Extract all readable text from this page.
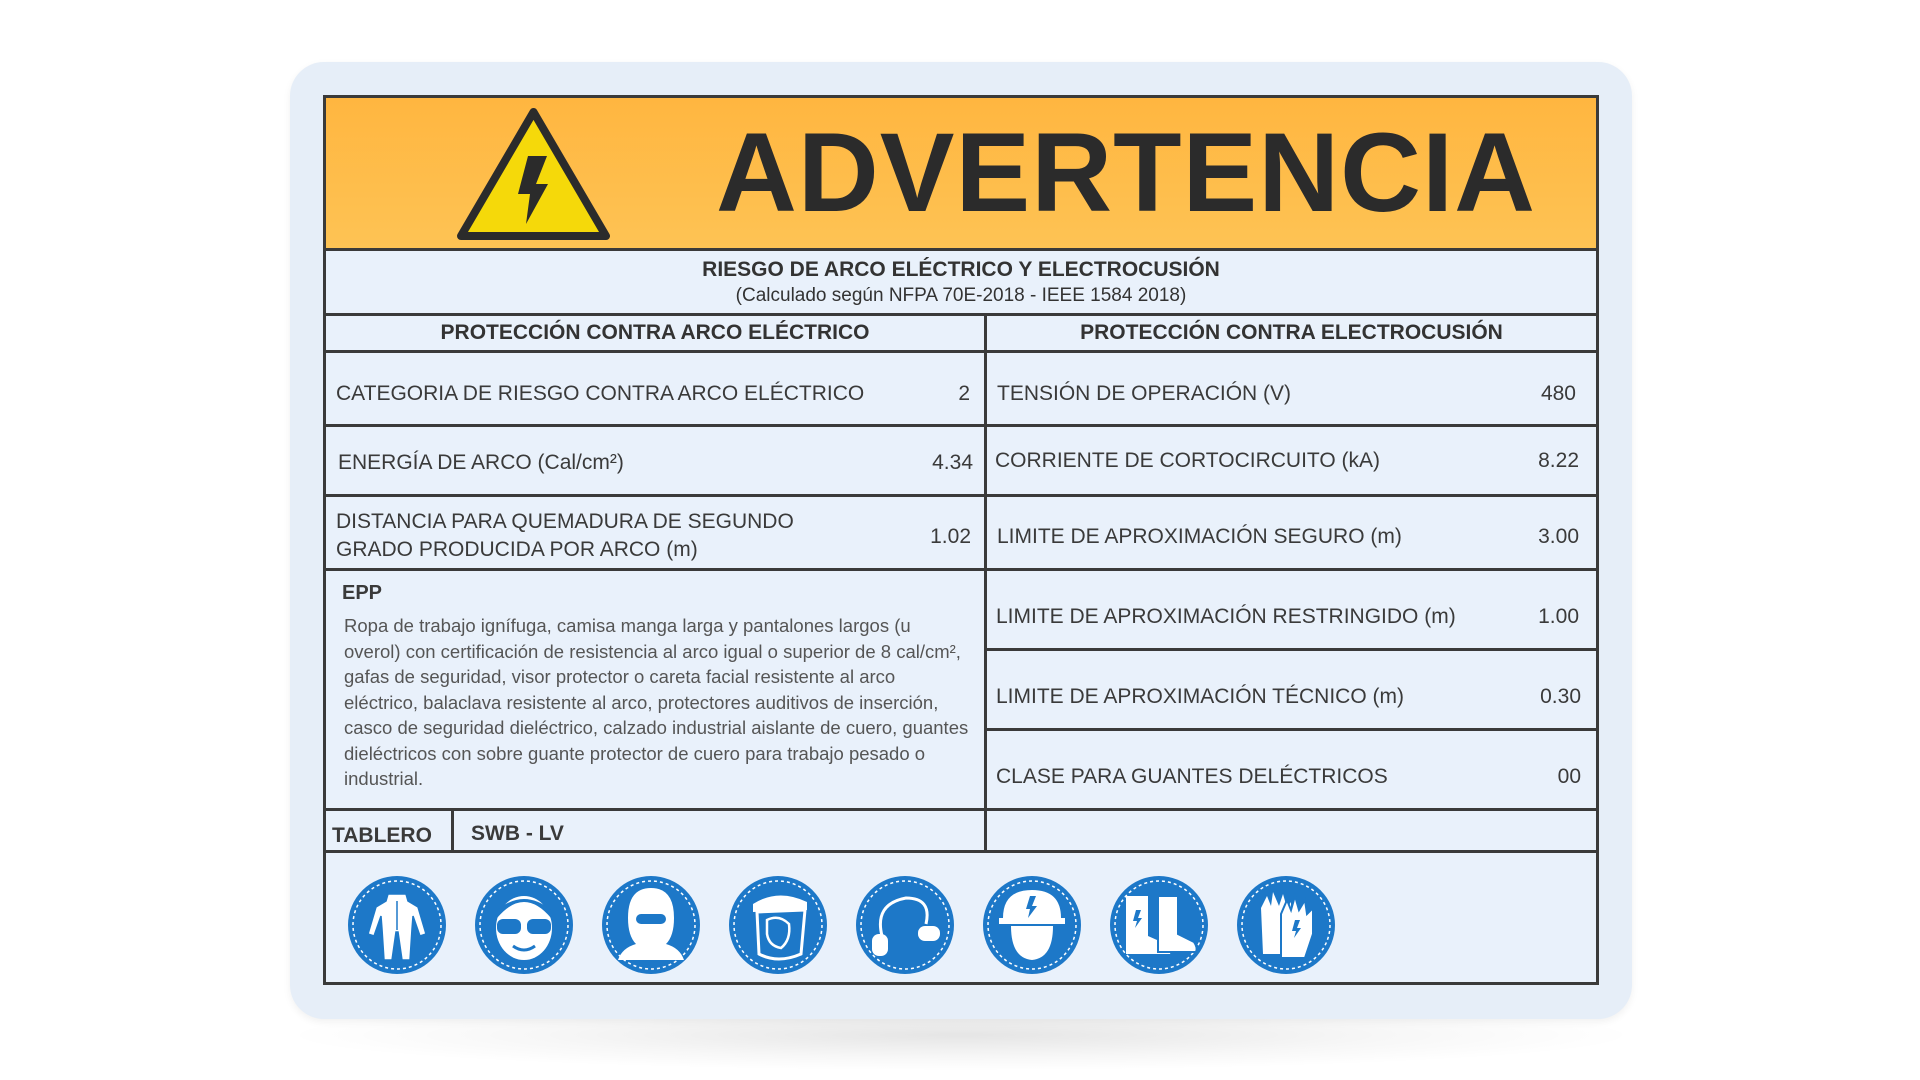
ADVERTENCIA
RIESGO DE ARCO ELÉCTRICO Y ELECTROCUSIÓN
(Calculado según NFPA 70E-2018 - IEEE 1584 2018)
PROTECCIÓN CONTRA ARCO ELÉCTRICO	PROTECCIÓN CONTRA ELECTROCUSIÓN
CATEGORIA DE RIESGO CONTRA ARCO ELÉCTRICO	2
ENERGÍA DE ARCO (Cal/cm²)	4.34
DISTANCIA PARA QUEMADURA DE SEGUNDO
GRADO PRODUCIDA POR ARCO (m)
1.02
EPP
Ropa de trabajo ignífuga, camisa manga larga y pantalones largos (u overol) con certificación de resistencia al arco igual o superior de 8 cal/cm², gafas de seguridad, visor protector o careta facial resistente al arco eléctrico, balaclava resistente al arco, protectores auditivos de inserción, casco de seguridad dieléctrico, calzado industrial aislante de cuero, guantes dieléctricos con sobre guante protector de cuero para trabajo pesado o industrial.
TABLERO SWB - LV
TENSIÓN DE OPERACIÓN (V)	480
CORRIENTE DE CORTOCIRCUITO (kA)	8.22
LIMITE DE APROXIMACIÓN SEGURO (m)	3.00
LIMITE DE APROXIMACIÓN RESTRINGIDO (m)	1.00
LIMITE DE APROXIMACIÓN TÉCNICO (m)	0.30
CLASE PARA GUANTES DELÉCTRICOS	00
